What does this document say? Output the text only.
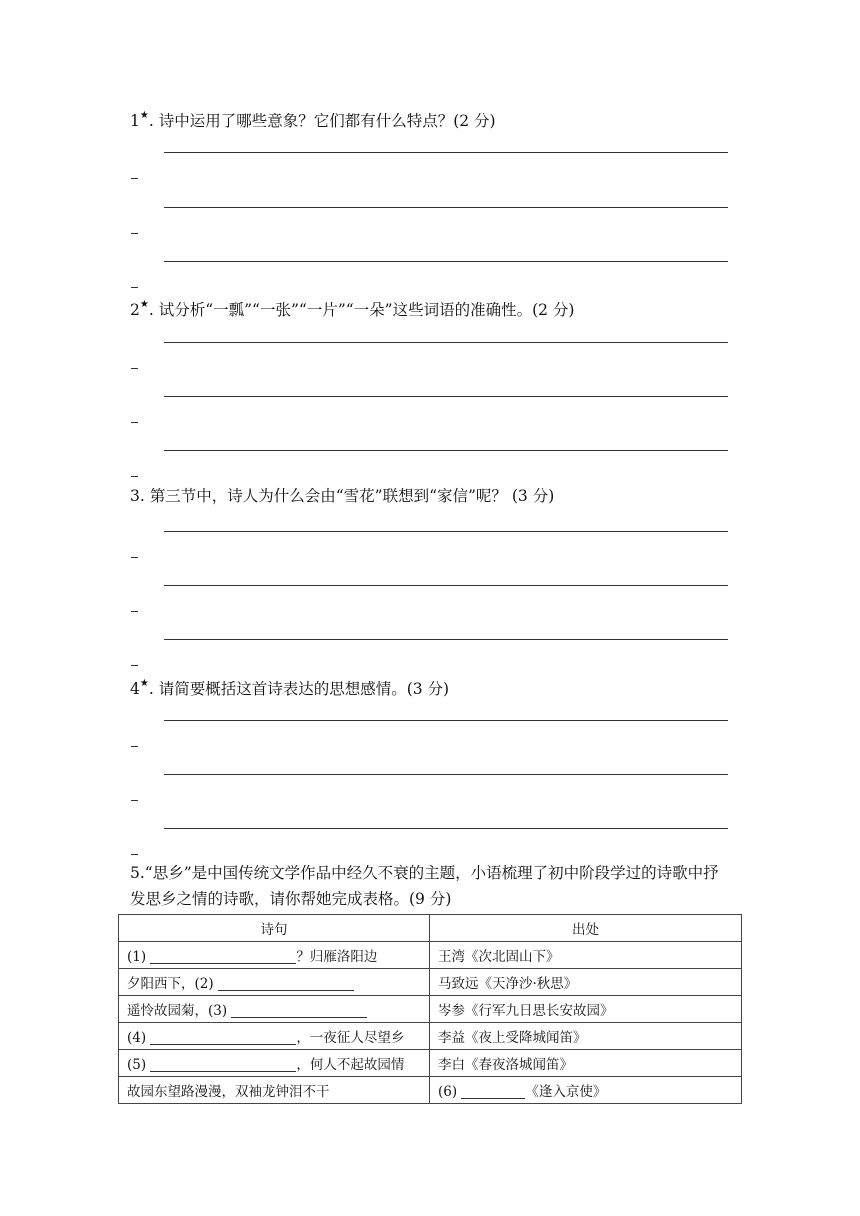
1★. 诗中运用了哪些意象？它们都有什么特点？(2 分)
2★. 试分析“一瓢”“一张”“一片”“一朵”这些词语的准确性。(2 分)
3. 第三节中，诗人为什么会由“雪花”联想到“家信”呢？ (3 分)
4★. 请简要概括这首诗表达的思想感情。(3 分)
5.“思乡”是中国传统文学作品中经久不衰的主题，小语梳理了初中阶段学过的诗歌中抒发思乡之情的诗歌，请你帮她完成表格。(9 分)
诗句	出处
(1) ？归雁洛阳边	王湾《次北固山下》
夕阳西下，(2)	马致远《天净沙·秋思》
遥怜故园菊，(3)	岑参《行军九日思长安故园》
(4) ，一夜征人尽望乡	李益《夜上受降城闻笛》
(5) ，何人不起故园情	李白《春夜洛城闻笛》
故园东望路漫漫，双袖龙钟泪不干	(6) 《逢入京使》
